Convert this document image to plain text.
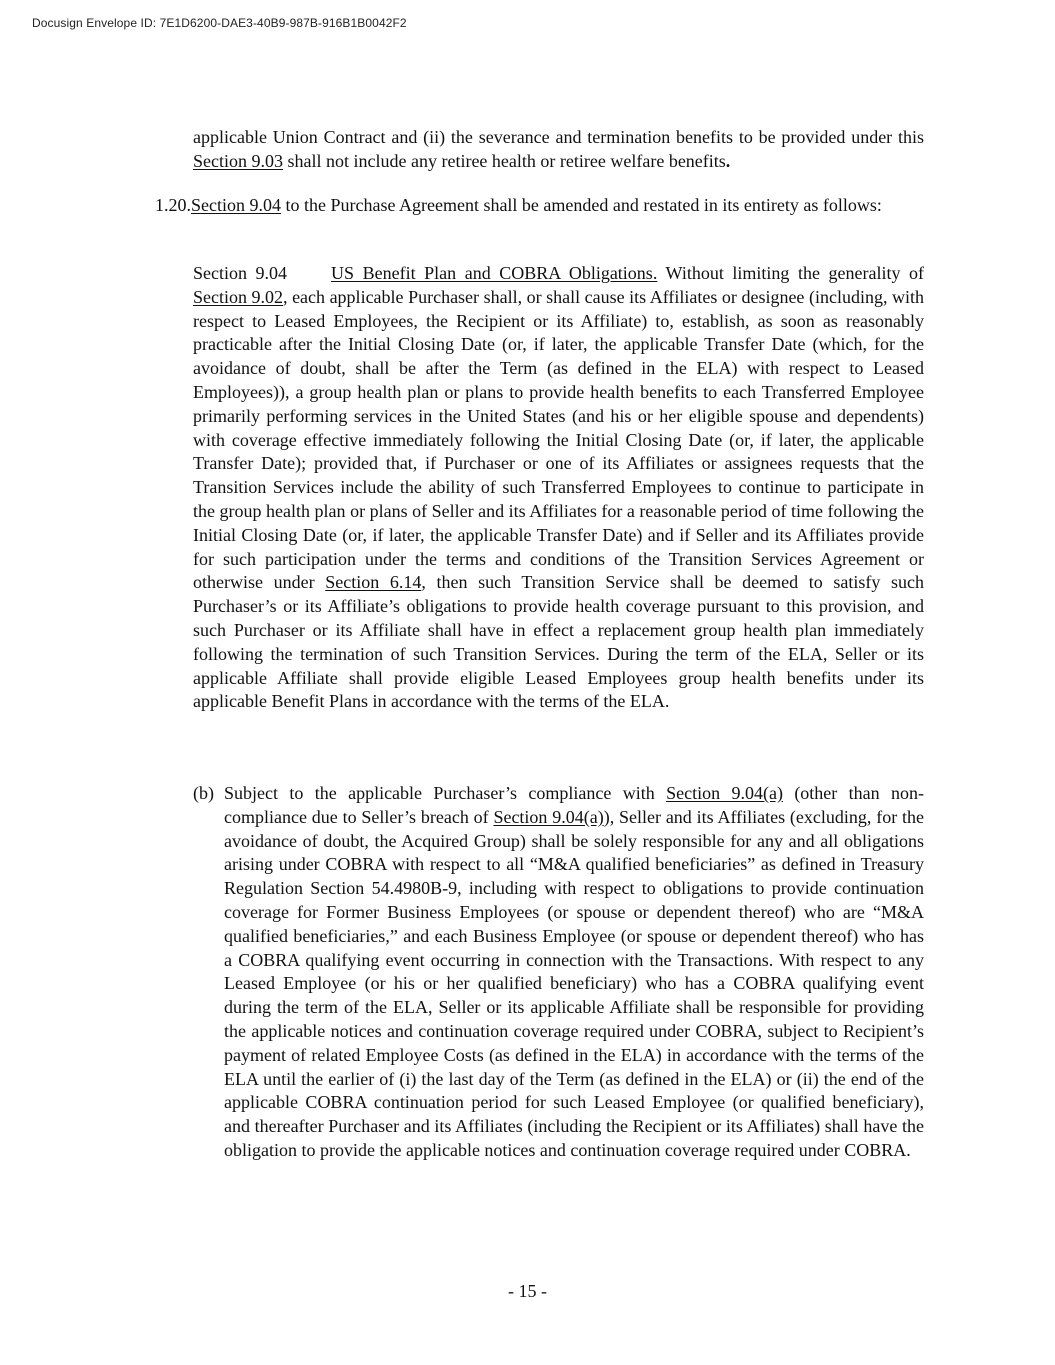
Docusign Envelope ID: 7E1D6200-DAE3-40B9-987B-916B1B0042F2

applicable Union Contract and (ii) the severance and termination benefits to be provided under this Section 9.03 shall not include any retiree health or retiree welfare benefits.

1.20.Section 9.04 to the Purchase Agreement shall be amended and restated in its entirety as follows:

Section 9.04 US Benefit Plan and COBRA Obligations. Without limiting the generality of Section 9.02, each applicable Purchaser shall, or shall cause its Affiliates or designee (including, with respect to Leased Employees, the Recipient or its Affiliate) to, establish, as soon as reasonably practicable after the Initial Closing Date (or, if later, the applicable Transfer Date (which, for the avoidance of doubt, shall be after the Term (as defined in the ELA) with respect to Leased Employees)), a group health plan or plans to provide health benefits to each Transferred Employee primarily performing services in the United States (and his or her eligible spouse and dependents) with coverage effective immediately following the Initial Closing Date (or, if later, the applicable Transfer Date); provided that, if Purchaser or one of its Affiliates or assignees requests that the Transition Services include the ability of such Transferred Employees to continue to participate in the group health plan or plans of Seller and its Affiliates for a reasonable period of time following the Initial Closing Date (or, if later, the applicable Transfer Date) and if Seller and its Affiliates provide for such participation under the terms and conditions of the Transition Services Agreement or otherwise under Section 6.14, then such Transition Service shall be deemed to satisfy such Purchaser’s or its Affiliate’s obligations to provide health coverage pursuant to this provision, and such Purchaser or its Affiliate shall have in effect a replacement group health plan immediately following the termination of such Transition Services. During the term of the ELA, Seller or its applicable Affiliate shall provide eligible Leased Employees group health benefits under its applicable Benefit Plans in accordance with the terms of the ELA.

(b) Subject to the applicable Purchaser’s compliance with Section 9.04(a) (other than non-compliance due to Seller’s breach of Section 9.04(a)), Seller and its Affiliates (excluding, for the avoidance of doubt, the Acquired Group) shall be solely responsible for any and all obligations arising under COBRA with respect to all “M&A qualified beneficiaries” as defined in Treasury Regulation Section 54.4980B-9, including with respect to obligations to provide continuation coverage for Former Business Employees (or spouse or dependent thereof) who are “M&A qualified beneficiaries,” and each Business Employee (or spouse or dependent thereof) who has a COBRA qualifying event occurring in connection with the Transactions. With respect to any Leased Employee (or his or her qualified beneficiary) who has a COBRA qualifying event during the term of the ELA, Seller or its applicable Affiliate shall be responsible for providing the applicable notices and continuation coverage required under COBRA, subject to Recipient’s payment of related Employee Costs (as defined in the ELA) in accordance with the terms of the ELA until the earlier of (i) the last day of the Term (as defined in the ELA) or (ii) the end of the applicable COBRA continuation period for such Leased Employee (or qualified beneficiary), and thereafter Purchaser and its Affiliates (including the Recipient or its Affiliates) shall have the obligation to provide the applicable notices and continuation coverage required under COBRA.
- 15 -
